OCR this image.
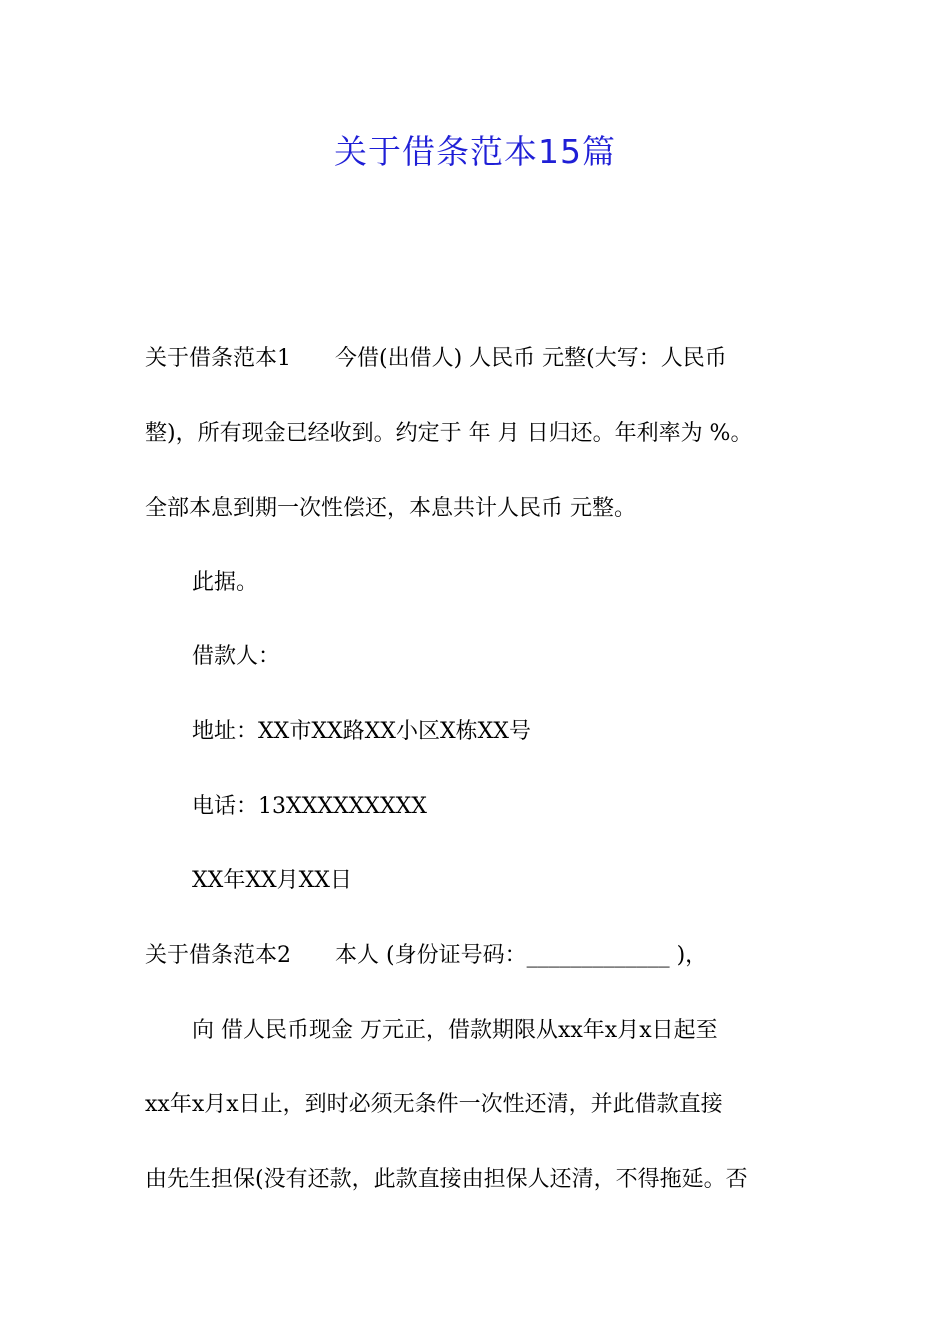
关于借条范本15篇
关于借条范本1　　今借(出借人) 人民币 元整(大写：人民币
整)，所有现金已经收到。约定于 年 月 日归还。年利率为 %。
全部本息到期一次性偿还，本息共计人民币 元整。
此据。
借款人：
地址：XX市XX路XX小区X栋XX号
电话：13XXXXXXXXX
XX年XX月XX日
关于借条范本2　　本人 (身份证号码：_____________ )，
向 借人民币现金 万元正，借款期限从xx年x月x日起至
xx年x月x日止，到时必须无条件一次性还清，并此借款直接
由先生担保(没有还款，此款直接由担保人还清，不得拖延。否
